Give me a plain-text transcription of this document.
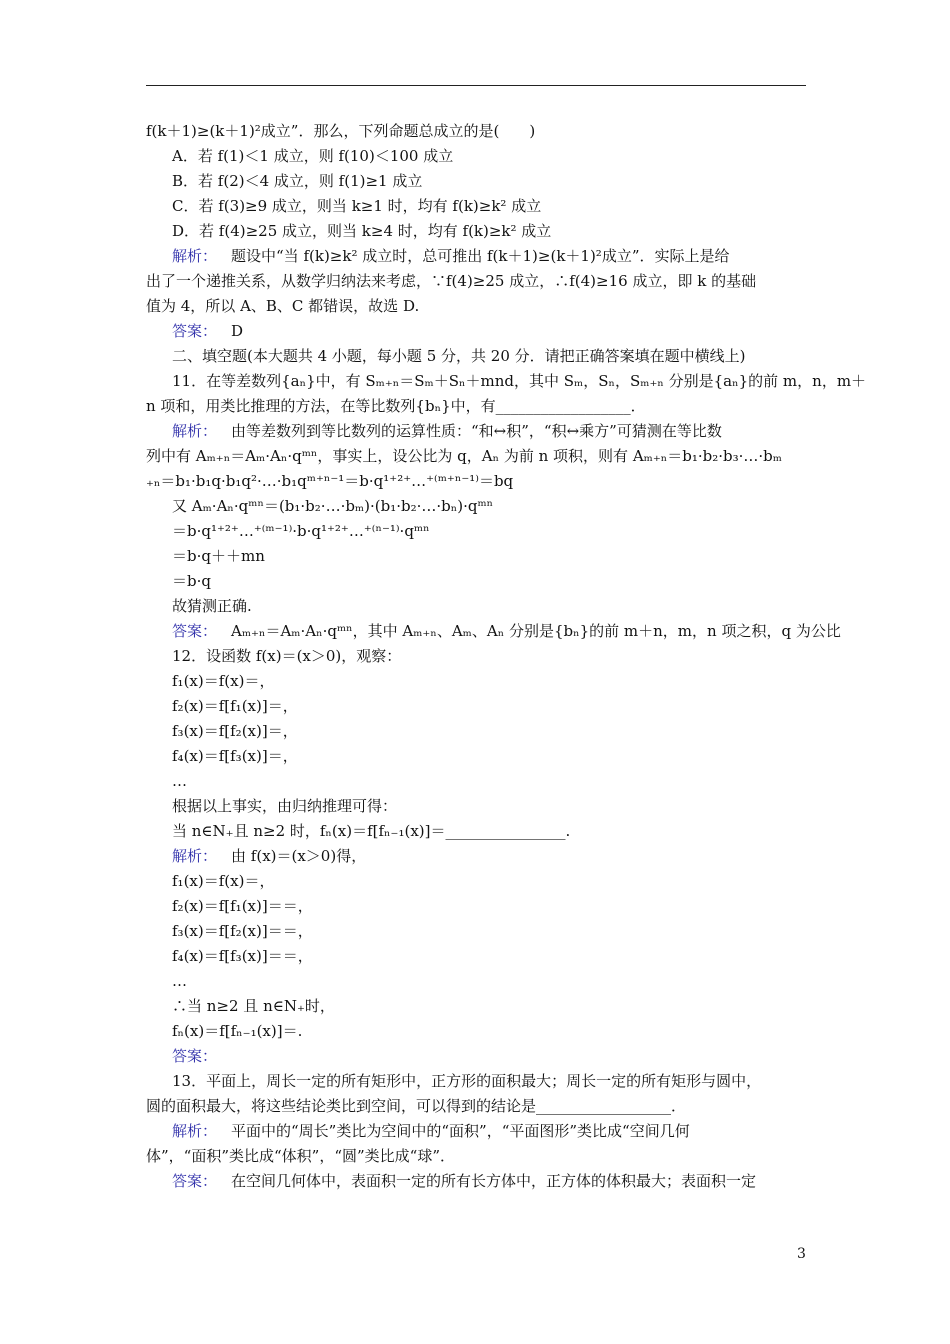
f(k＋1)≥(k＋1)²成立”．那么，下列命题总成立的是(　　)
A．若 f(1)＜1 成立，则 f(10)＜100 成立
B．若 f(2)＜4 成立，则 f(1)≥1 成立
C．若 f(3)≥9 成立，则当 k≥1 时，均有 f(k)≥k² 成立
D．若 f(4)≥25 成立，则当 k≥4 时，均有 f(k)≥k² 成立
解析： 题设中“当 f(k)≥k² 成立时，总可推出 f(k＋1)≥(k＋1)²成立”．实际上是给
出了一个递推关系，从数学归纳法来考虑，∵f(4)≥25 成立，∴f(4)≥16 成立，即 k 的基础
值为 4，所以 A、B、C 都错误，故选 D.
答案： D
二、填空题(本大题共 4 小题，每小题 5 分，共 20 分．请把正确答案填在题中横线上)
11．在等差数列{aₙ}中，有 Sₘ₊ₙ＝Sₘ＋Sₙ＋mnd，其中 Sₘ，Sₙ，Sₘ₊ₙ 分别是{aₙ}的前 m，n，m＋
n 项和，用类比推理的方法，在等比数列{bₙ}中，有__________________．
解析： 由等差数列到等比数列的运算性质：“和↔积”，“积↔乘方”可猜测在等比数
列中有 Aₘ₊ₙ＝Aₘ·Aₙ·qᵐⁿ，事实上，设公比为 q，Aₙ 为前 n 项积，则有 Aₘ₊ₙ＝b₁·b₂·b₃·…·bₘ
₊ₙ＝b₁·b₁q·b₁q²·…·b₁qᵐ⁺ⁿ⁻¹＝b·q¹⁺²⁺…⁺⁽ᵐ⁺ⁿ⁻¹⁾＝bq
又 Aₘ·Aₙ·qᵐⁿ＝(b₁·b₂·…·bₘ)·(b₁·b₂·…·bₙ)·qᵐⁿ
＝b·q¹⁺²⁺…⁺⁽ᵐ⁻¹⁾·b·q¹⁺²⁺…⁺⁽ⁿ⁻¹⁾·qᵐⁿ
＝b·q＋＋mn
＝b·q
故猜测正确.
答案： Aₘ₊ₙ＝Aₘ·Aₙ·qᵐⁿ，其中 Aₘ₊ₙ、Aₘ、Aₙ 分别是{bₙ}的前 m＋n，m，n 项之积，q 为公比
12．设函数 f(x)＝(x＞0)，观察：
f₁(x)＝f(x)＝，
f₂(x)＝f[f₁(x)]＝，
f₃(x)＝f[f₂(x)]＝，
f₄(x)＝f[f₃(x)]＝，
…
根据以上事实，由归纳推理可得：
当 n∈N₊且 n≥2 时，fₙ(x)＝f[fₙ₋₁(x)]＝________________.
解析： 由 f(x)＝(x＞0)得，
f₁(x)＝f(x)＝，
f₂(x)＝f[f₁(x)]＝＝，
f₃(x)＝f[f₂(x)]＝＝，
f₄(x)＝f[f₃(x)]＝＝，
…
∴当 n≥2 且 n∈N₊时，
fₙ(x)＝f[fₙ₋₁(x)]＝.
答案：
13．平面上，周长一定的所有矩形中，正方形的面积最大；周长一定的所有矩形与圆中，
圆的面积最大，将这些结论类比到空间，可以得到的结论是__________________．
解析： 平面中的“周长”类比为空间中的“面积”，“平面图形”类比成“空间几何
体”，“面积”类比成“体积”，“圆”类比成“球”．
答案： 在空间几何体中，表面积一定的所有长方体中，正方体的体积最大；表面积一定
3
